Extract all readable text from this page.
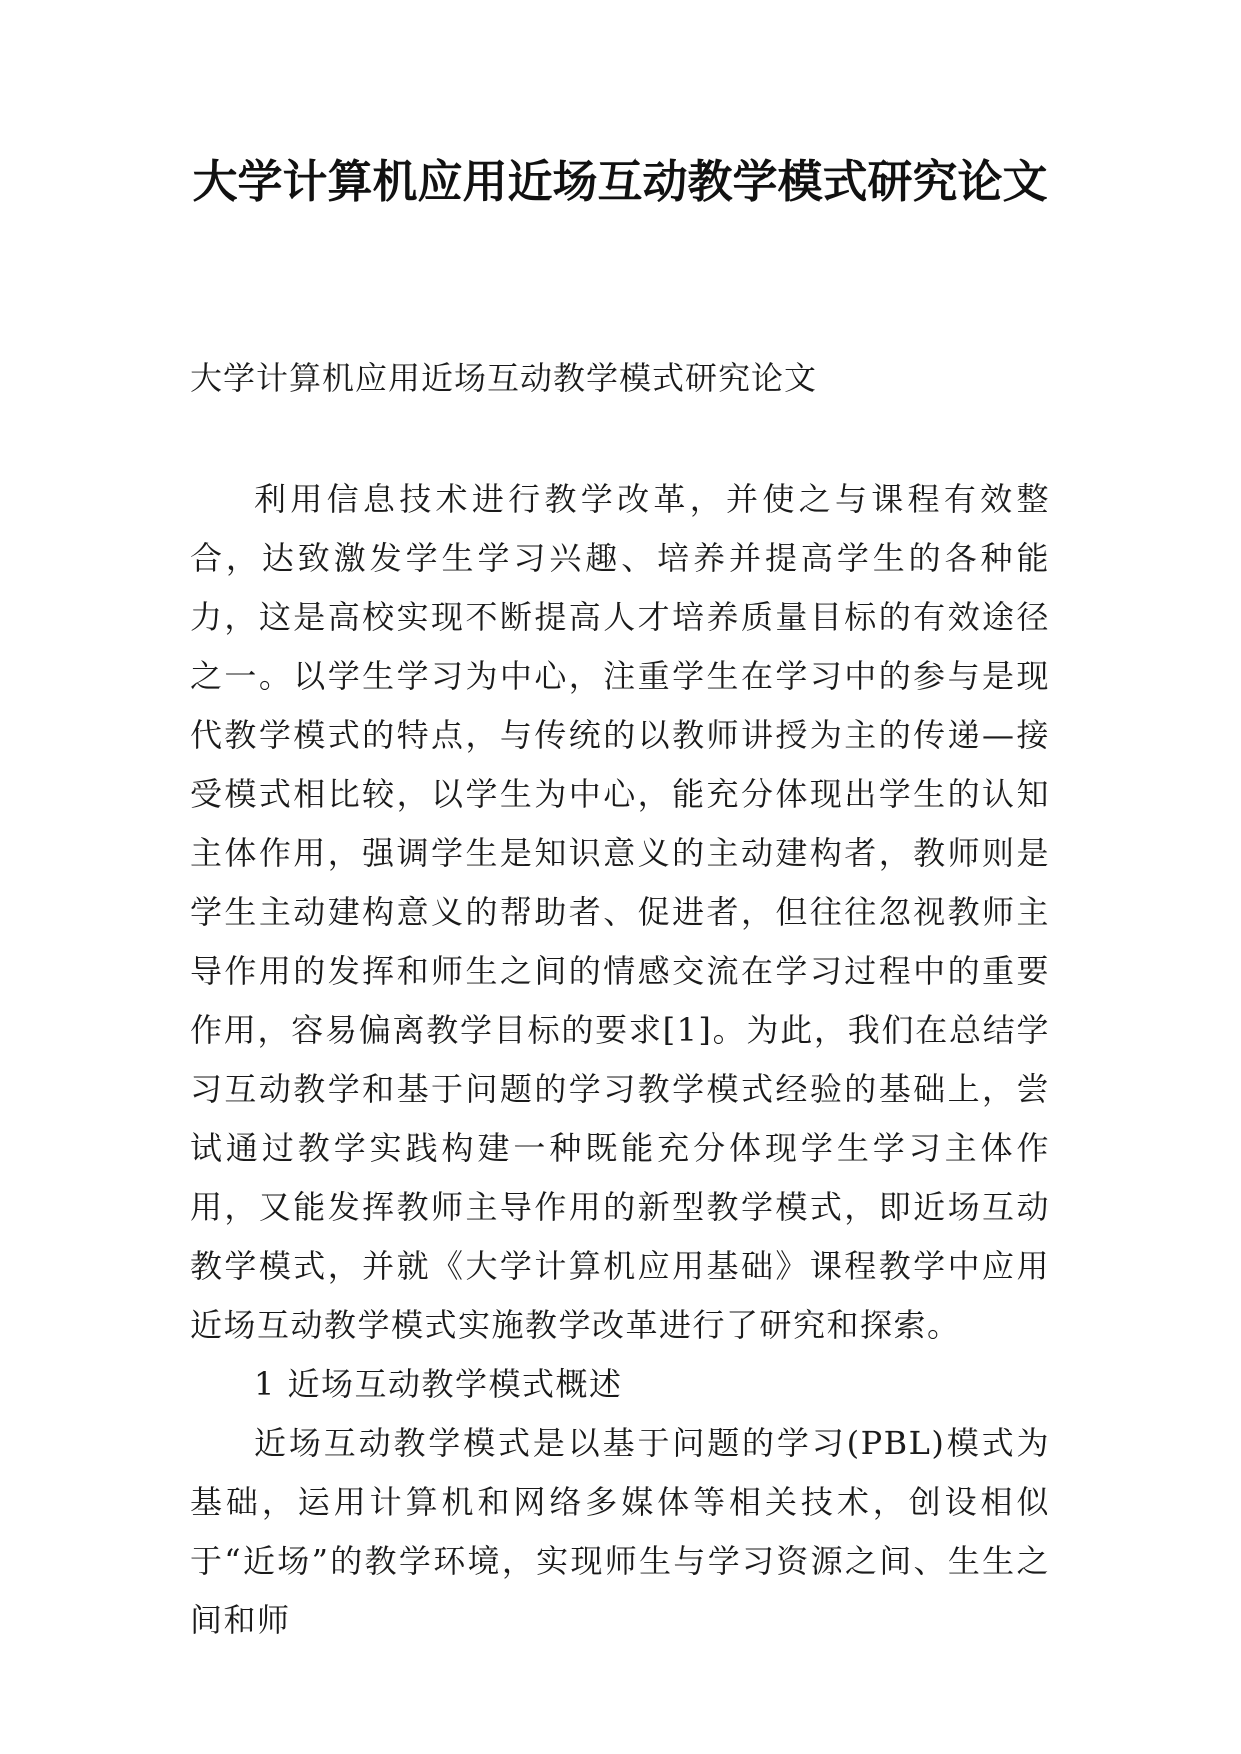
大学计算机应用近场互动教学模式研究论文
大学计算机应用近场互动教学模式研究论文

利用信息技术进行教学改革，并使之与课程有效整合，达致激发学生学习兴趣、培养并提高学生的各种能力，这是高校实现不断提高人才培养质量目标的有效途径之一。以学生学习为中心，注重学生在学习中的参与是现代教学模式的特点，与传统的以教师讲授为主的传递—接受模式相比较，以学生为中心，能充分体现出学生的认知主体作用，强调学生是知识意义的主动建构者，教师则是学生主动建构意义的帮助者、促进者，但往往忽视教师主导作用的发挥和师生之间的情感交流在学习过程中的重要作用，容易偏离教学目标的要求[1]。为此，我们在总结学习互动教学和基于问题的学习教学模式经验的基础上，尝试通过教学实践构建一种既能充分体现学生学习主体作用，又能发挥教师主导作用的新型教学模式，即近场互动教学模式，并就《大学计算机应用基础》课程教学中应用近场互动教学模式实施教学改革进行了研究和探索。

1 近场互动教学模式概述

近场互动教学模式是以基于问题的学习(PBL)模式为基础，运用计算机和网络多媒体等相关技术，创设相似于“近场”的教学环境，实现师生与学习资源之间、生生之间和师
